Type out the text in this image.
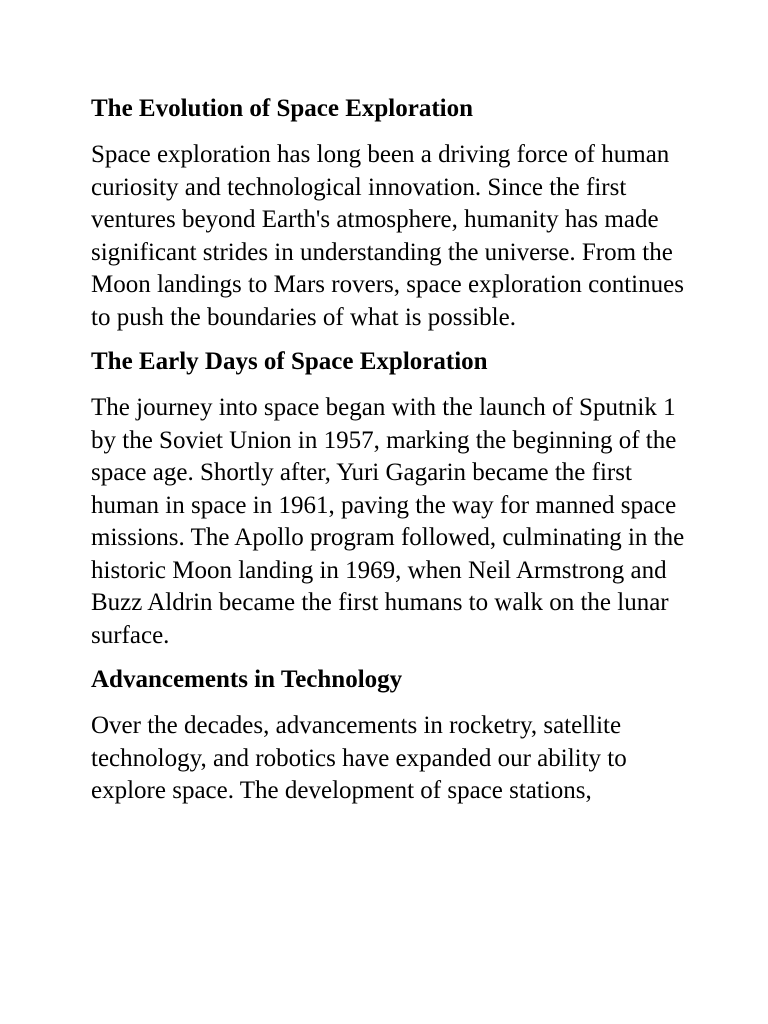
The Evolution of Space Exploration

Space exploration has long been a driving force of human curiosity and technological innovation. Since the first ventures beyond Earth's atmosphere, humanity has made significant strides in understanding the universe. From the Moon landings to Mars rovers, space exploration continues to push the boundaries of what is possible.

The Early Days of Space Exploration

The journey into space began with the launch of Sputnik 1 by the Soviet Union in 1957, marking the beginning of the space age. Shortly after, Yuri Gagarin became the first human in space in 1961, paving the way for manned space missions. The Apollo program followed, culminating in the historic Moon landing in 1969, when Neil Armstrong and Buzz Aldrin became the first humans to walk on the lunar surface.

Advancements in Technology

Over the decades, advancements in rocketry, satellite technology, and robotics have expanded our ability to explore space. The development of space stations,
